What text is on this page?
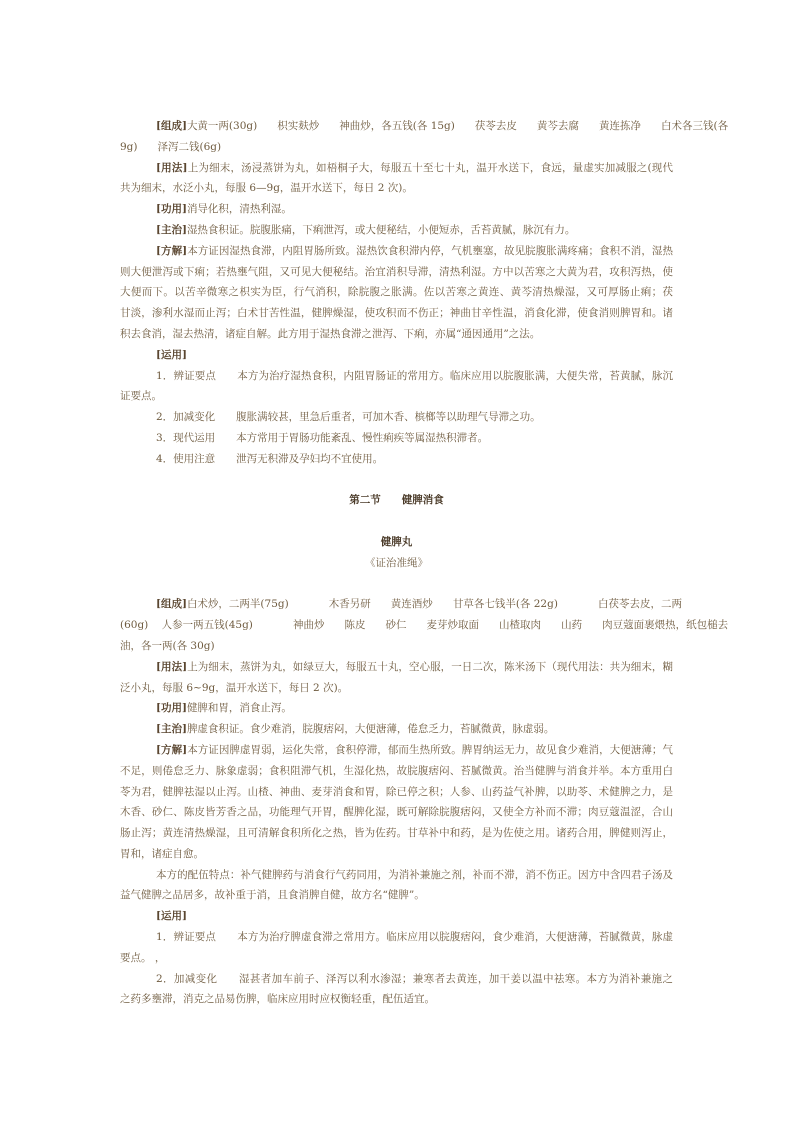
[组成]大黄一两(30g)      枳实麸炒      神曲炒，各五钱(各 15g)      茯苓去皮      黄芩去腐      黄连拣净      白术各三钱(各
9g)      泽泻二钱(6g)
[用法]上为细末，汤浸蒸饼为丸，如梧桐子大，每服五十至七十丸，温开水送下，食远，量虚实加减服之(现代
共为细末，水泛小丸，每服 6—9g，温开水送下，每日 2 次)。
[功用]消导化积，清热利湿。
[主治]湿热食积证。脘腹胀痛，下痢泄泻，或大便秘结，小便短赤，舌苔黄腻，脉沉有力。
[方解]本方证因湿热食滞，内阻胃肠所致。湿热饮食积滞内停，气机壅塞，故见脘腹胀满疼痛；食积不消，湿热
则大便泄泻或下痢；若热壅气阻，又可见大便秘结。治宜消积导滞，清热利湿。方中以苦寒之大黄为君，攻积泻热，使
大便而下。以苦辛微寒之枳实为臣，行气消积，除脘腹之胀满。佐以苦寒之黄连、黄芩清热燥湿，又可厚肠止痢；茯
甘淡，渗利水湿而止泻；白术甘苦性温，健脾燥湿，使攻积而不伤正；神曲甘辛性温，消食化滞，使食消则脾胃和。诸
积去食消，湿去热清，诸症自解。此方用于湿热食滞之泄泻、下痢，亦属“通因通用”之法。
[运用]
1．辨证要点　　本方为治疗湿热食积，内阻胃肠证的常用方。临床应用以脘腹胀满，大便失常，苔黄腻，脉沉
证要点。
2．加减变化　　腹胀满较甚，里急后重者，可加木香、槟榔等以助理气导滞之功。
3．现代运用　　本方常用于胃肠功能紊乱、慢性痢疾等属湿热积滞者。
4．使用注意　　泄泻无积滞及孕妇均不宜使用。
第二节　　健脾消食
健脾丸
《证治准绳》
[组成]白术炒，二两半(75g)            木香另研      黄连酒炒      甘草各七钱半(各 22g)            白茯苓去皮，二两
(60g)    人参一两五钱(45g)            神曲炒      陈皮      砂仁      麦芽炒取面      山楂取肉      山药      肉豆蔻面裹煨热，纸包槌去
油，各一两(各 30g)
[用法]上为细末，蒸饼为丸，如绿豆大，每服五十丸，空心服，一日二次，陈米汤下（现代用法：共为细末，糊
泛小丸，每服 6~9g，温开水送下，每日 2 次)。
[功用]健脾和胃，消食止泻。
[主治]脾虚食积证。食少难消，脘腹痞闷，大便溏薄，倦怠乏力，苔腻微黄，脉虚弱。
[方解]本方证因脾虚胃弱，运化失常，食积停滞，郁而生热所致。脾胃纳运无力，故见食少难消，大便溏薄；气
不足，则倦怠乏力、脉象虚弱；食积阻滞气机，生湿化热，故脘腹痞闷、苔腻微黄。治当健脾与消食并举。本方重用白
苓为君，健脾祛湿以止泻。山楂、神曲、麦芽消食和胃，除已停之积；人参、山药益气补脾，以助苓、术健脾之力，是
木香、砂仁、陈皮皆芳香之品，功能理气开胃，醒脾化湿，既可解除脘腹痞闷，又使全方补而不滞；肉豆蔻温涩，合山
肠止泻；黄连清热燥湿，且可清解食积所化之热，皆为佐药。甘草补中和药，是为佐使之用。诸药合用，脾健则泻止，
胃和，诸症自愈。
本方的配伍特点：补气健脾药与消食行气药同用，为消补兼施之剂，补而不滞，消不伤正。因方中含四君子汤及
益气健脾之品居多，故补重于消，且食消脾自健，故方名“健脾”。
[运用]
1．辨证要点　　本方为治疗脾虚食滞之常用方。临床应用以脘腹痞闷，食少难消，大便溏薄，苔腻微黄，脉虚
要点。 ，
2．加减变化　　湿甚者加车前子、泽泻以利水渗湿；兼寒者去黄连，加干姜以温中祛寒。本方为消补兼施之
之药多壅滞，消克之品易伤脾，临床应用时应权衡轻重，配伍适宜。
